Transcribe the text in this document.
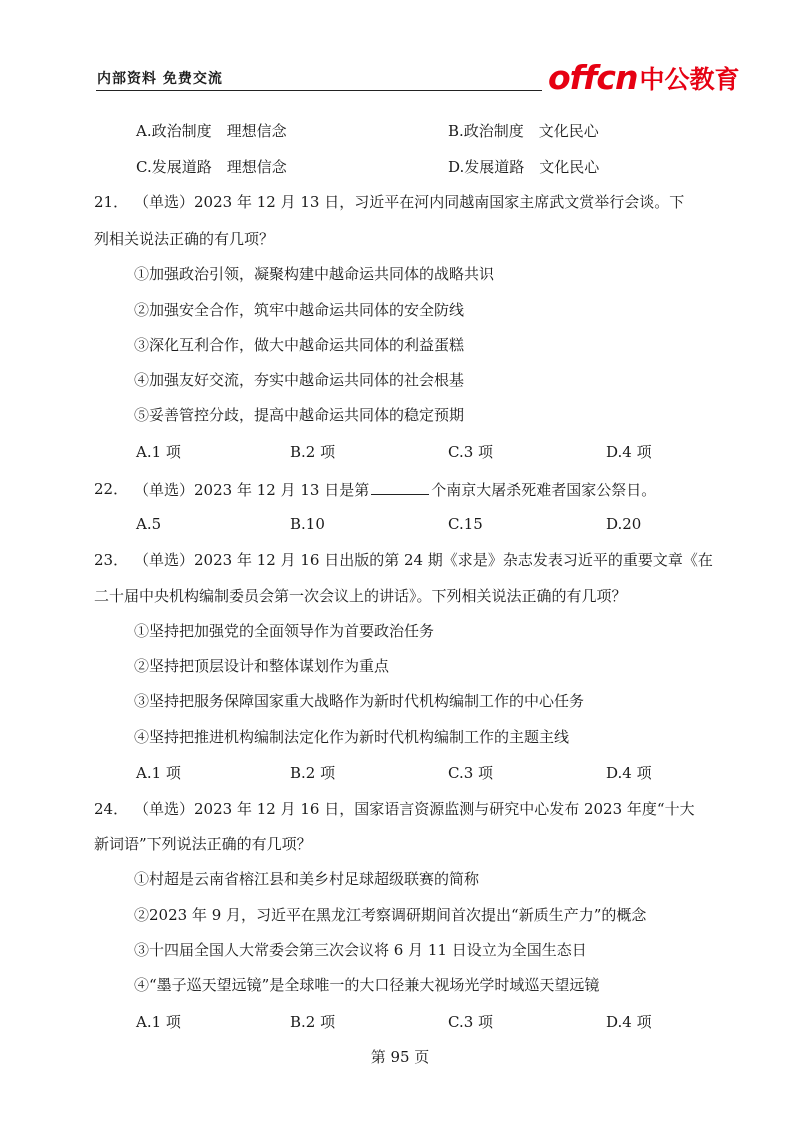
内部资料 免费交流	offcn 中公教育
A.政治制度　理想信念	B.政治制度　文化民心
C.发展道路　理想信念	D.发展道路　文化民心
21． （单选）2023 年 12 月 13 日，习近平在河内同越南国家主席武文赏举行会谈。下
列相关说法正确的有几项？
①加强政治引领，凝聚构建中越命运共同体的战略共识
②加强安全合作，筑牢中越命运共同体的安全防线
③深化互利合作，做大中越命运共同体的利益蛋糕
④加强友好交流，夯实中越命运共同体的社会根基
⑤妥善管控分歧，提高中越命运共同体的稳定预期
A.1 项	B.2 项	C.3 项	D.4 项
22． （单选）2023 年 12 月 13 日是第	个南京大屠杀死难者国家公祭日。
A.5	B.10	C.15	D.20
23． （单选）2023 年 12 月 16 日出版的第 24 期《求是》杂志发表习近平的重要文章《在
二十届中央机构编制委员会第一次会议上的讲话》。下列相关说法正确的有几项？
①坚持把加强党的全面领导作为首要政治任务
②坚持把顶层设计和整体谋划作为重点
③坚持把服务保障国家重大战略作为新时代机构编制工作的中心任务
④坚持把推进机构编制法定化作为新时代机构编制工作的主题主线
A.1 项	B.2 项	C.3 项	D.4 项
24． （单选）2023 年 12 月 16 日，国家语言资源监测与研究中心发布 2023 年度“十大
新词语”下列说法正确的有几项？
①村超是云南省榕江县和美乡村足球超级联赛的简称
②2023 年 9 月，习近平在黑龙江考察调研期间首次提出“新质生产力”的概念
③十四届全国人大常委会第三次会议将 6 月 11 日设立为全国生态日
④“墨子巡天望远镜”是全球唯一的大口径兼大视场光学时域巡天望远镜
A.1 项	B.2 项	C.3 项	D.4 项
第 95 页
